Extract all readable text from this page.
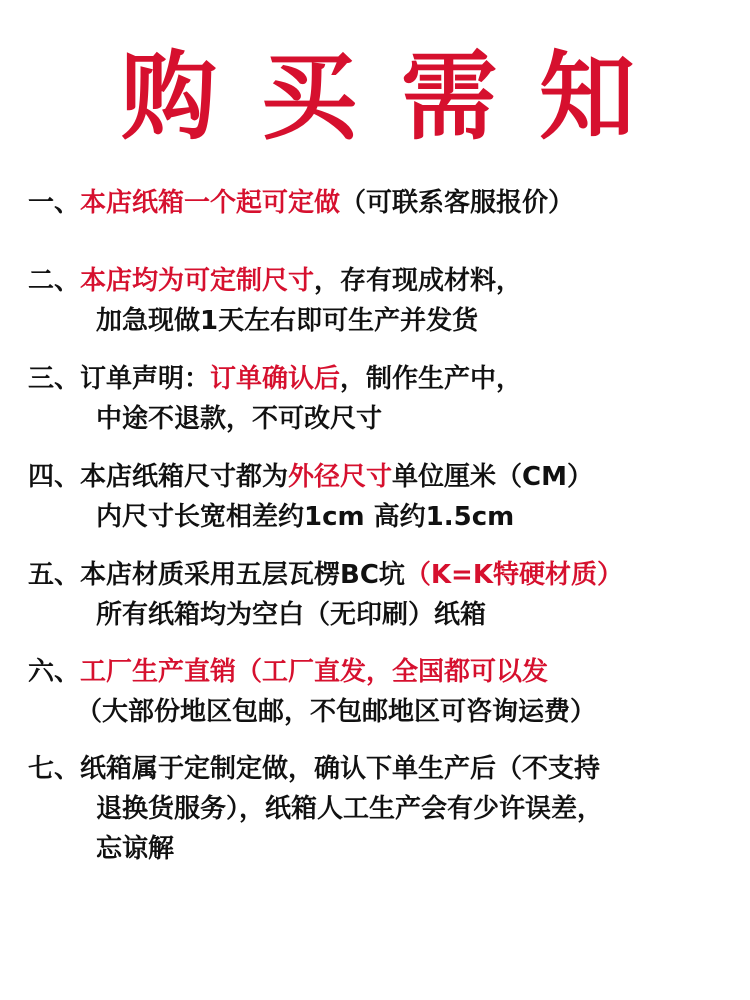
购 买 需 知
一、本店纸箱一个起可定做（可联系客服报价）
二、本店均为可定制尺寸，存有现成材料，
加急现做1天左右即可生产并发货
三、订单声明：订单确认后，制作生产中，
中途不退款，不可改尺寸
四、本店纸箱尺寸都为外径尺寸单位厘米（CM）
内尺寸长宽相差约1cm 高约1.5cm
五、本店材质采用五层瓦楞BC坑（K=K特硬材质）
所有纸箱均为空白（无印刷）纸箱
六、工厂生产直销（工厂直发，全国都可以发
（大部份地区包邮，不包邮地区可咨询运费）
七、纸箱属于定制定做，确认下单生产后（不支持
退换货服务），纸箱人工生产会有少许误差，
忘谅解
